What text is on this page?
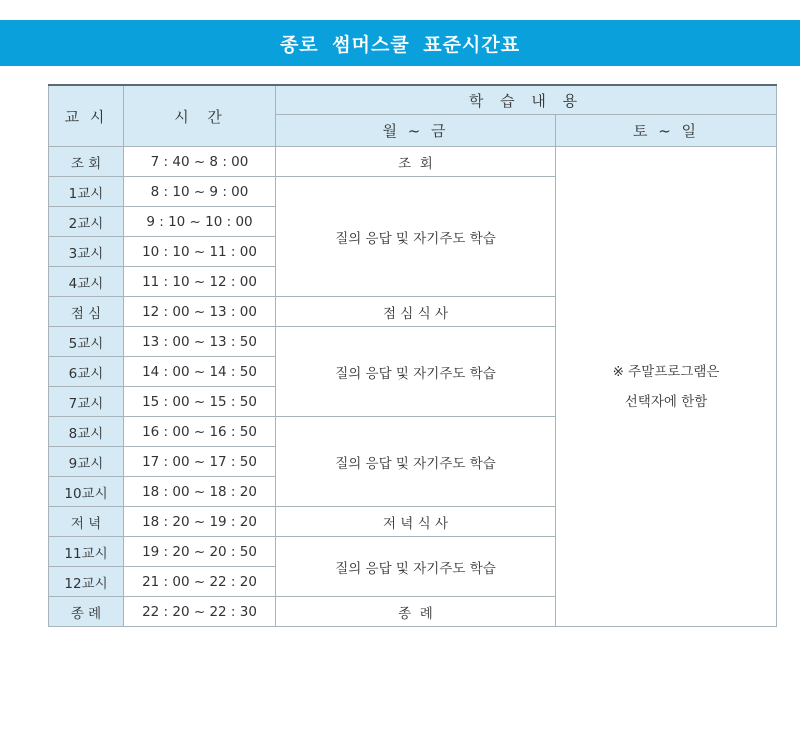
종로 썸머스쿨 표준시간표
교 시	시  간	학 습 내 용	
		월 ~ 금	토 ~ 일
조 회	7 : 40 ~ 8 : 00	조  회	※ 주말프로그램은
선택자에 한함

1교시	8 : 10 ~ 9 : 00	질의 응답 및 자기주도 학습	
2교시	9 : 10 ~ 10 : 00		
3교시	10 : 10 ~ 11 : 00		
4교시	11 : 10 ~ 12 : 00		
점 심	12 : 00 ~ 13 : 00	점 심 식 사	
5교시	13 : 00 ~ 13 : 50	질의 응답 및 자기주도 학습	
6교시	14 : 00 ~ 14 : 50		
7교시	15 : 00 ~ 15 : 50		
8교시	16 : 00 ~ 16 : 50	질의 응답 및 자기주도 학습	
9교시	17 : 00 ~ 17 : 50		
10교시	18 : 00 ~ 18 : 20		
저 녁	18 : 20 ~ 19 : 20	저 녁 식 사	
11교시	19 : 20 ~ 20 : 50	질의 응답 및 자기주도 학습	
12교시	21 : 00 ~ 22 : 20		
종 례	22 : 20 ~ 22 : 30	종  례	
